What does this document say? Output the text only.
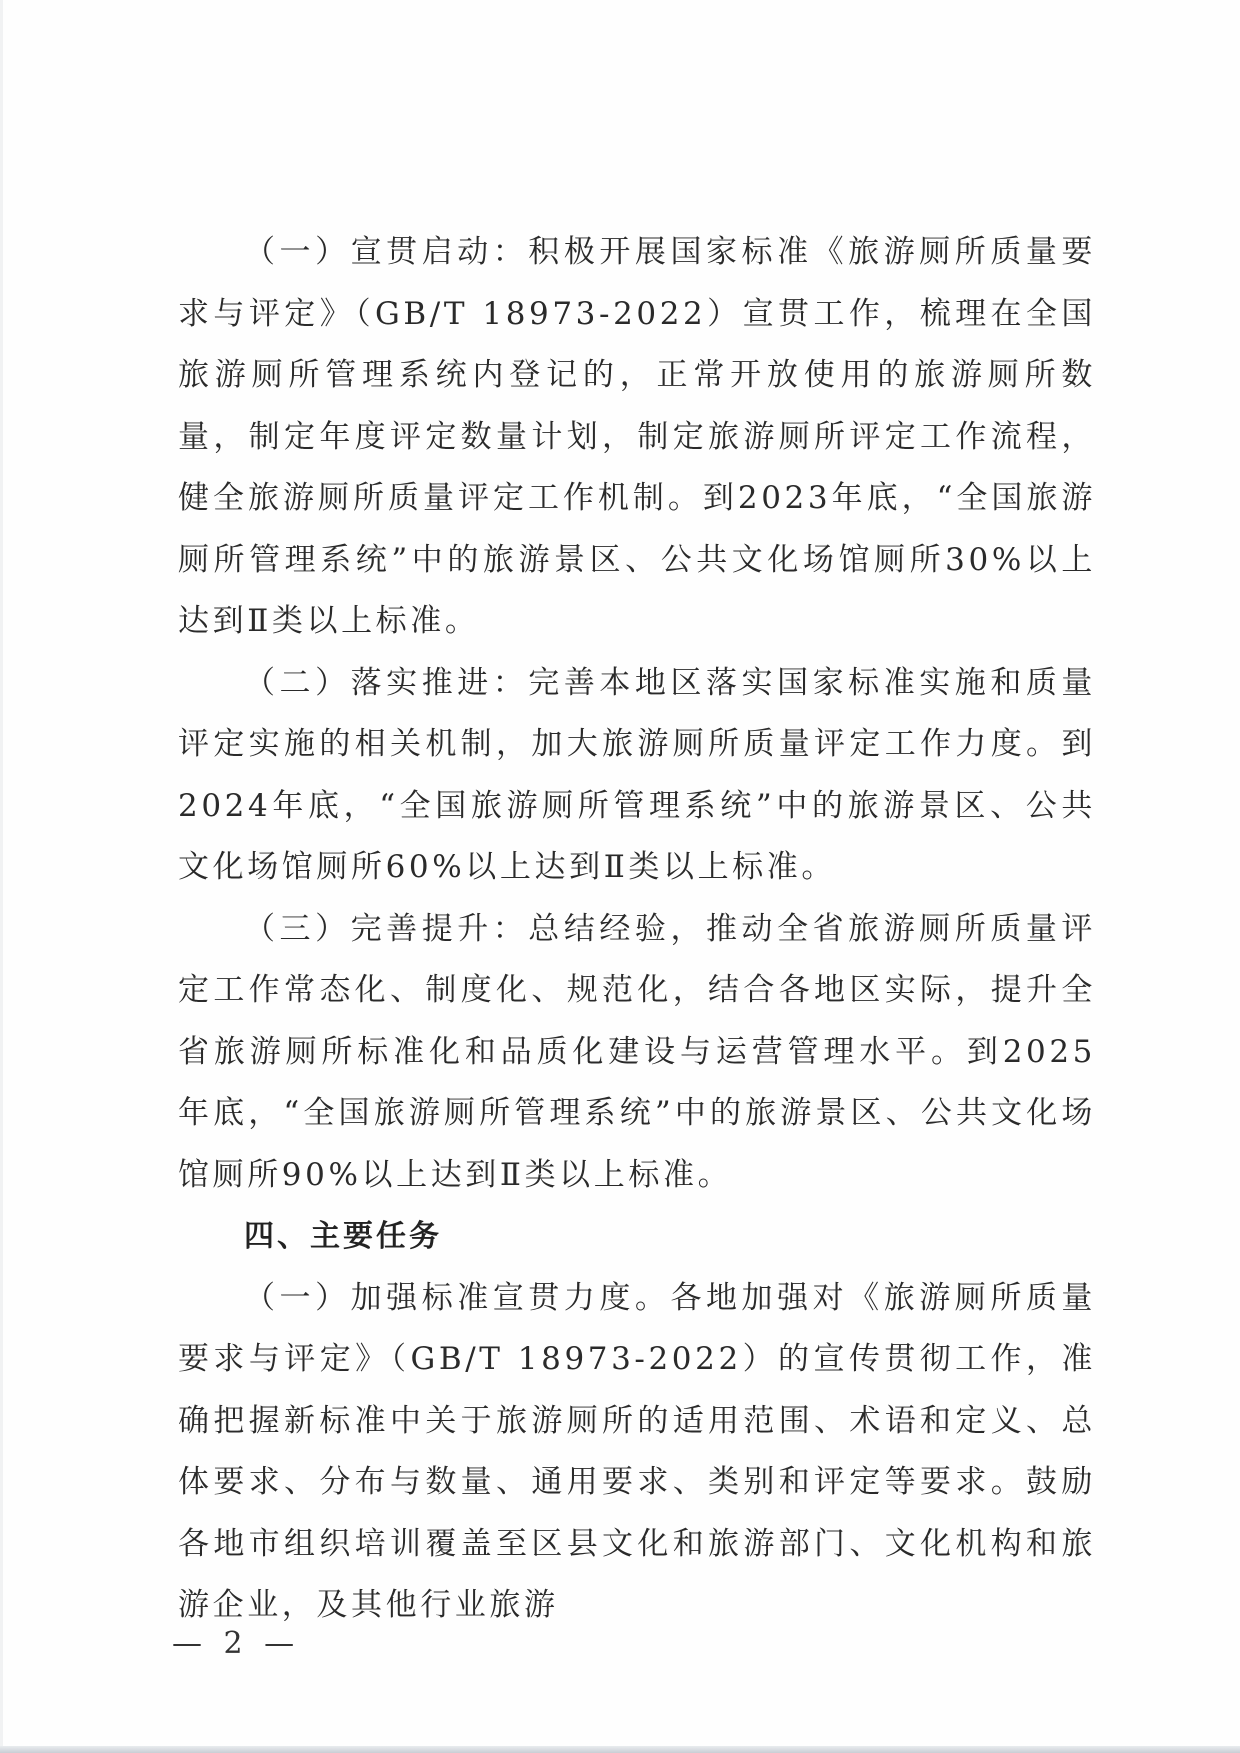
（一）宣贯启动：积极开展国家标准《旅游厕所质量要求与评定》（GB/T 18973-2022）宣贯工作，梳理在全国旅游厕所管理系统内登记的，正常开放使用的旅游厕所数量，制定年度评定数量计划，制定旅游厕所评定工作流程，健全旅游厕所质量评定工作机制。到2023年底，“全国旅游厕所管理系统”中的旅游景区、公共文化场馆厕所30%以上达到Ⅱ类以上标准。

（二）落实推进：完善本地区落实国家标准实施和质量评定实施的相关机制，加大旅游厕所质量评定工作力度。到2024年底，“全国旅游厕所管理系统”中的旅游景区、公共文化场馆厕所60%以上达到Ⅱ类以上标准。

（三）完善提升：总结经验，推动全省旅游厕所质量评定工作常态化、制度化、规范化，结合各地区实际，提升全省旅游厕所标准化和品质化建设与运营管理水平。到2025年底，“全国旅游厕所管理系统”中的旅游景区、公共文化场馆厕所90%以上达到Ⅱ类以上标准。

四、主要任务

（一）加强标准宣贯力度。各地加强对《旅游厕所质量要求与评定》（GB/T 18973-2022）的宣传贯彻工作，准确把握新标准中关于旅游厕所的适用范围、术语和定义、总体要求、分布与数量、通用要求、类别和评定等要求。鼓励各地市组织培训覆盖至区县文化和旅游部门、文化机构和旅游企业，及其他行业旅游

— 2 —
